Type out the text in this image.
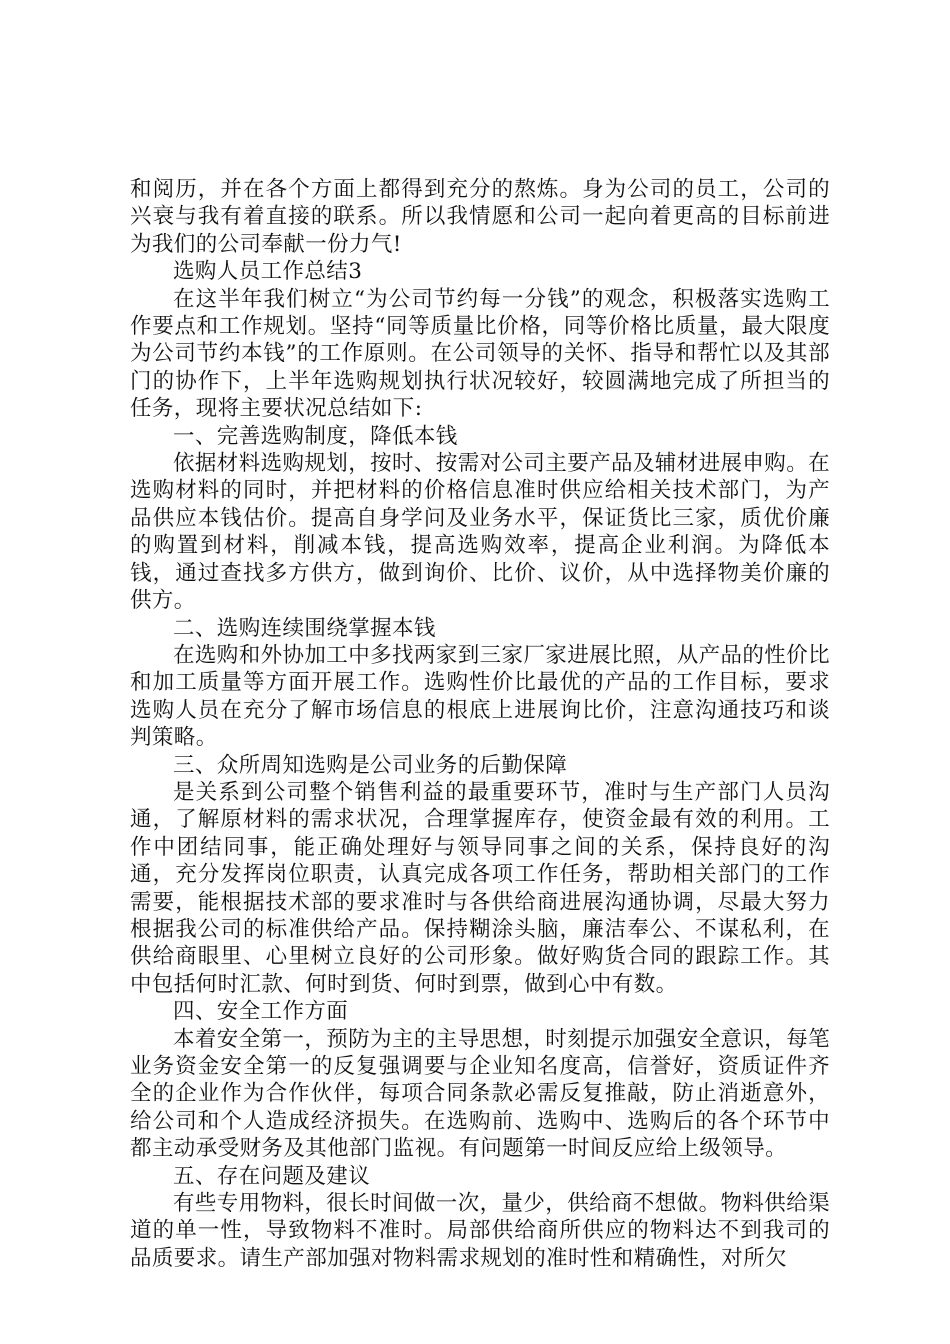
和阅历，并在各个方面上都得到充分的熬炼。身为公司的员工，公司的兴衰与我有着直接的联系。所以我情愿和公司一起向着更高的目标前进为我们的公司奉献一份力气!

选购人员工作总结3

在这半年我们树立“为公司节约每一分钱”的观念，积极落实选购工作要点和工作规划。坚持“同等质量比价格，同等价格比质量，最大限度为公司节约本钱”的工作原则。在公司领导的关怀、指导和帮忙以及其部门的协作下，上半年选购规划执行状况较好，较圆满地完成了所担当的任务，现将主要状况总结如下:

一、完善选购制度，降低本钱

依据材料选购规划，按时、按需对公司主要产品及辅材进展申购。在选购材料的同时，并把材料的价格信息准时供应给相关技术部门，为产品供应本钱估价。提高自身学问及业务水平，保证货比三家，质优价廉的购置到材料，削减本钱，提高选购效率，提高企业利润。为降低本钱，通过查找多方供方，做到询价、比价、议价，从中选择物美价廉的供方。

二、选购连续围绕掌握本钱

在选购和外协加工中多找两家到三家厂家进展比照，从产品的性价比和加工质量等方面开展工作。选购性价比最优的产品的工作目标，要求选购人员在充分了解市场信息的根底上进展询比价，注意沟通技巧和谈判策略。

三、众所周知选购是公司业务的后勤保障

是关系到公司整个销售利益的最重要环节，准时与生产部门人员沟通，了解原材料的需求状况，合理掌握库存，使资金最有效的利用。工作中团结同事，能正确处理好与领导同事之间的关系，保持良好的沟通，充分发挥岗位职责，认真完成各项工作任务，帮助相关部门的工作需要，能根据技术部的要求准时与各供给商进展沟通协调，尽最大努力根据我公司的标准供给产品。保持糊涂头脑，廉洁奉公、不谋私利，在供给商眼里、心里树立良好的公司形象。做好购货合同的跟踪工作。其中包括何时汇款、何时到货、何时到票，做到心中有数。

四、安全工作方面

本着安全第一，预防为主的主导思想，时刻提示加强安全意识，每笔业务资金安全第一的反复强调要与企业知名度高，信誉好，资质证件齐全的企业作为合作伙伴，每项合同条款必需反复推敲，防止消逝意外，给公司和个人造成经济损失。在选购前、选购中、选购后的各个环节中都主动承受财务及其他部门监视。有问题第一时间反应给上级领导。

五、存在问题及建议

有些专用物料，很长时间做一次，量少，供给商不想做。物料供给渠道的单一性，导致物料不准时。局部供给商所供应的物料达不到我司的品质要求。请生产部加强对物料需求规划的准时性和精确性，对所欠
